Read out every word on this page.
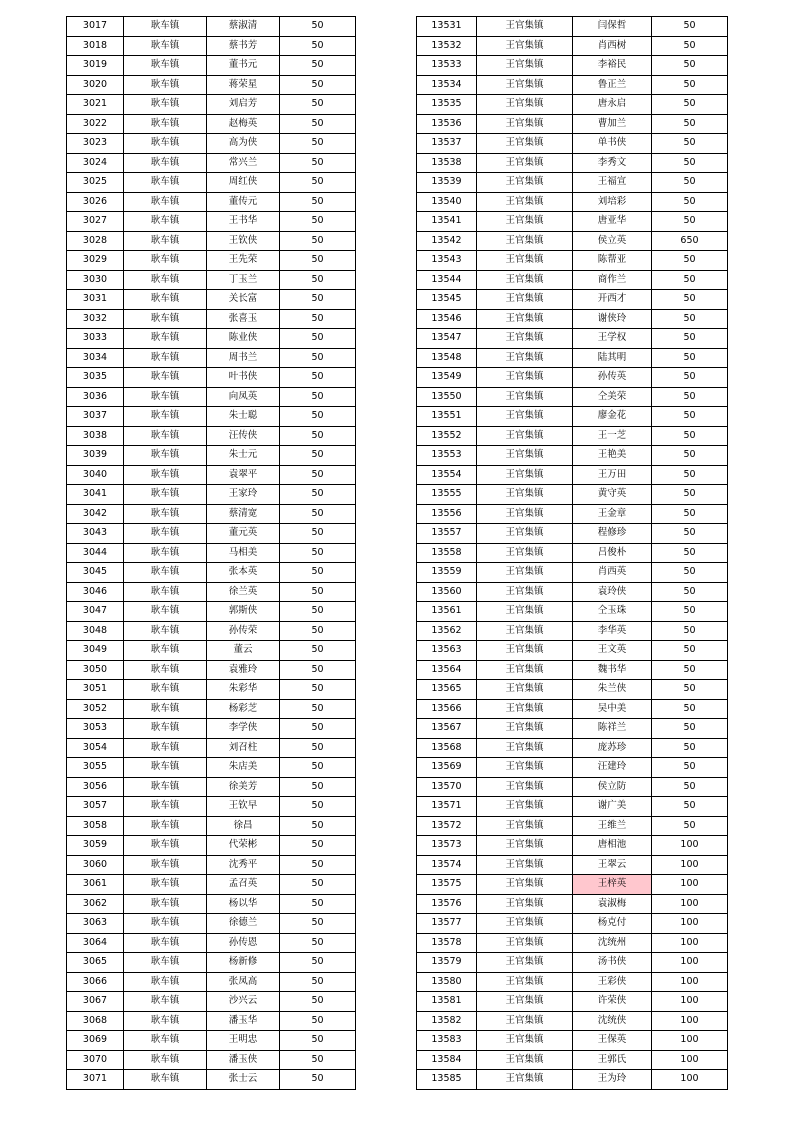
3017	耿车镇	蔡淑清	50
3018	耿车镇	蔡书芳	50
3019	耿车镇	董书元	50
3020	耿车镇	蒋荣星	50
3021	耿车镇	刘启芳	50
3022	耿车镇	赵梅英	50
3023	耿车镇	高为侠	50
3024	耿车镇	常兴兰	50
3025	耿车镇	周红侠	50
3026	耿车镇	董传元	50
3027	耿车镇	王书华	50
3028	耿车镇	王钦侠	50
3029	耿车镇	王先荣	50
3030	耿车镇	丁玉兰	50
3031	耿车镇	关长富	50
3032	耿车镇	张喜玉	50
3033	耿车镇	陈业侠	50
3034	耿车镇	周书兰	50
3035	耿车镇	叶书侠	50
3036	耿车镇	向凤英	50
3037	耿车镇	朱士聪	50
3038	耿车镇	汪传侠	50
3039	耿车镇	朱士元	50
3040	耿车镇	袁翠平	50
3041	耿车镇	王家玲	50
3042	耿车镇	蔡清宽	50
3043	耿车镇	董元英	50
3044	耿车镇	马相美	50
3045	耿车镇	张本英	50
3046	耿车镇	徐兰英	50
3047	耿车镇	郭斯侠	50
3048	耿车镇	孙传荣	50
3049	耿车镇	董云	50
3050	耿车镇	袁雅玲	50
3051	耿车镇	朱彩华	50
3052	耿车镇	杨彩芝	50
3053	耿车镇	李学侠	50
3054	耿车镇	刘召柱	50
3055	耿车镇	朱店美	50
3056	耿车镇	徐美芳	50
3057	耿车镇	王钦早	50
3058	耿车镇	徐昌	50
3059	耿车镇	代荣彬	50
3060	耿车镇	沈秀平	50
3061	耿车镇	孟召英	50
3062	耿车镇	杨以华	50
3063	耿车镇	徐德兰	50
3064	耿车镇	孙传恩	50
3065	耿车镇	杨新修	50
3066	耿车镇	张凤高	50
3067	耿车镇	沙兴云	50
3068	耿车镇	潘玉华	50
3069	耿车镇	王明忠	50
3070	耿车镇	潘玉侠	50
3071	耿车镇	张士云	50
13531	王官集镇	闫保哲	50
13532	王官集镇	肖西树	50
13533	王官集镇	李裕民	50
13534	王官集镇	鲁正兰	50
13535	王官集镇	唐永启	50
13536	王官集镇	曹加兰	50
13537	王官集镇	单书侠	50
13538	王官集镇	李秀文	50
13539	王官集镇	王福宣	50
13540	王官集镇	刘培彩	50
13541	王官集镇	唐亚华	50
13542	王官集镇	侯立英	650
13543	王官集镇	陈帮亚	50
13544	王官集镇	商作兰	50
13545	王官集镇	开西才	50
13546	王官集镇	谢侠玲	50
13547	王官集镇	王学权	50
13548	王官集镇	陆其明	50
13549	王官集镇	孙传英	50
13550	王官集镇	仝美荣	50
13551	王官集镇	廖金花	50
13552	王官集镇	王一芝	50
13553	王官集镇	王艳美	50
13554	王官集镇	王万田	50
13555	王官集镇	黄守英	50
13556	王官集镇	王金章	50
13557	王官集镇	程修珍	50
13558	王官集镇	吕俊朴	50
13559	王官集镇	肖西英	50
13560	王官集镇	袁玲侠	50
13561	王官集镇	仝玉珠	50
13562	王官集镇	李华英	50
13563	王官集镇	王文英	50
13564	王官集镇	魏书华	50
13565	王官集镇	朱兰侠	50
13566	王官集镇	吴中美	50
13567	王官集镇	陈祥兰	50
13568	王官集镇	庞苏珍	50
13569	王官集镇	汪建玲	50
13570	王官集镇	侯立防	50
13571	王官集镇	谢广美	50
13572	王官集镇	王维兰	50
13573	王官集镇	唐相池	100
13574	王官集镇	王翠云	100
13575	王官集镇	王梓英	100
13576	王官集镇	袁淑梅	100
13577	王官集镇	杨克付	100
13578	王官集镇	沈统州	100
13579	王官集镇	汤书侠	100
13580	王官集镇	王彩侠	100
13581	王官集镇	许荣侠	100
13582	王官集镇	沈统侠	100
13583	王官集镇	王保英	100
13584	王官集镇	王郭氏	100
13585	王官集镇	王为玲	100
